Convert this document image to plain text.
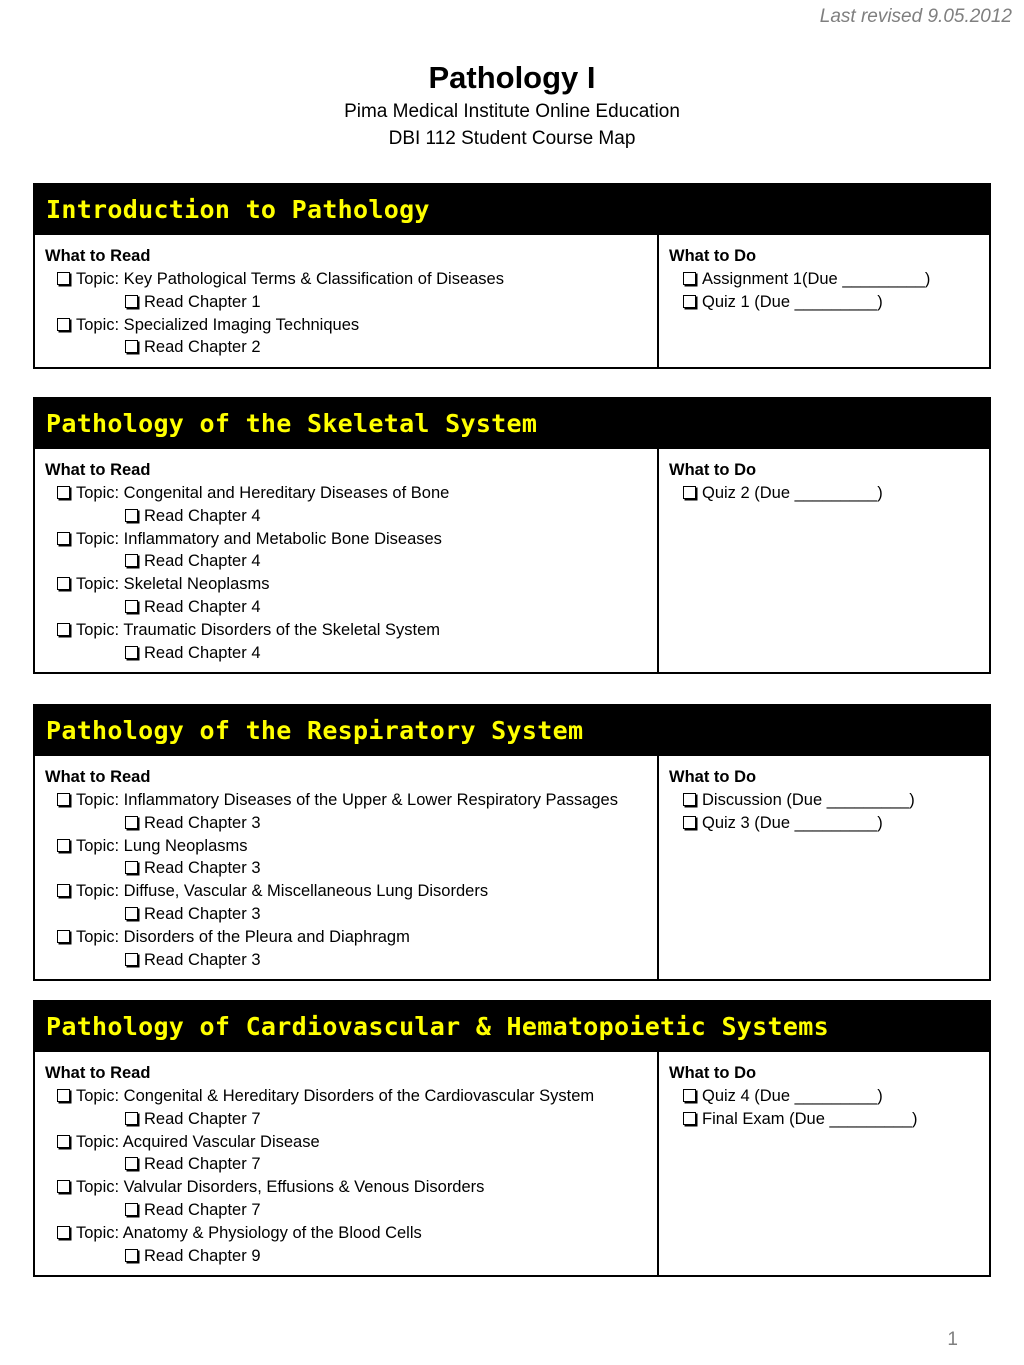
Last revised 9.05.2012
Pathology I
Pima Medical Institute Online Education
DBI 112 Student Course Map
Introduction to Pathology
What to Read
Topic: Key Pathological Terms & Classification of Diseases
Read Chapter 1
Topic: Specialized Imaging Techniques
Read Chapter 2
What to Do
Assignment 1(Due _________)
Quiz 1 (Due _________)
Pathology of the Skeletal System
What to Read
Topic: Congenital and Hereditary Diseases of Bone
Read Chapter 4
Topic: Inflammatory and Metabolic Bone Diseases
Read Chapter 4
Topic: Skeletal Neoplasms
Read Chapter 4
Topic: Traumatic Disorders of the Skeletal System
Read Chapter 4
What to Do
Quiz 2 (Due _________)
Pathology of the Respiratory System
What to Read
Topic: Inflammatory Diseases of the Upper & Lower Respiratory Passages
Read Chapter 3
Topic: Lung Neoplasms
Read Chapter 3
Topic: Diffuse, Vascular & Miscellaneous Lung Disorders
Read Chapter 3
Topic: Disorders of the Pleura and Diaphragm
Read Chapter 3
What to Do
Discussion (Due _________)
Quiz 3 (Due _________)
Pathology of Cardiovascular & Hematopoietic Systems
What to Read
Topic: Congenital & Hereditary Disorders of the Cardiovascular System
Read Chapter 7
Topic: Acquired Vascular Disease
Read Chapter 7
Topic: Valvular Disorders, Effusions & Venous Disorders
Read Chapter 7
Topic: Anatomy & Physiology of the Blood Cells
Read Chapter 9
What to Do
Quiz 4 (Due _________)
Final Exam (Due _________)
1
